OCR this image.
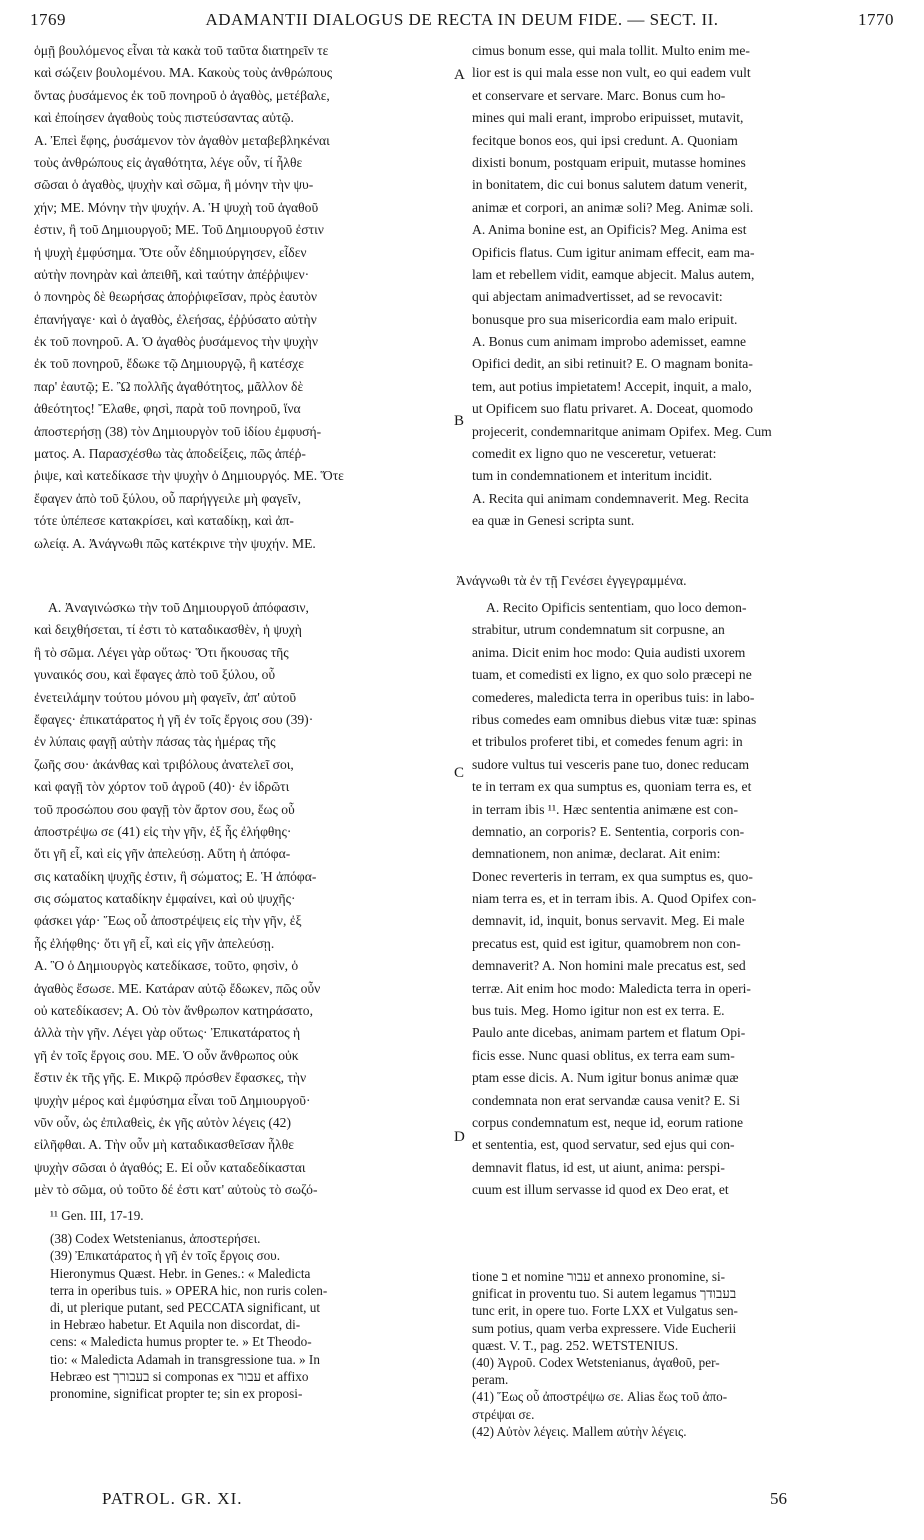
1769	ADAMANTII DIALOGUS DE RECTA IN DEUM FIDE. — SECT. II.	1770
ὁμῇ βουλόμενος εἶναι τὰ κακὰ τοῦ ταῦτα διατηρεῖν τε
καὶ σώζειν βουλομένου. ΜΑ. Κακοὺς τοὺς ἀνθρώπους
ὄντας ῥυσάμενος ἐκ τοῦ πονηροῦ ὁ ἀγαθὸς, μετέβαλε,
καὶ ἐποίησεν ἀγαθοὺς τοὺς πιστεύσαντας αὐτῷ.
Α. Ἐπεὶ ἔφης, ῥυσάμενον τὸν ἀγαθὸν μεταβεβληκέναι
τοὺς ἀνθρώπους εἰς ἀγαθότητα, λέγε οὖν, τί ἦλθε
σῶσαι ὁ ἀγαθὸς, ψυχὴν καὶ σῶμα, ἢ μόνην τὴν ψυ-
χήν; ΜΕ. Μόνην τὴν ψυχήν. Α. Ἡ ψυχὴ τοῦ ἀγαθοῦ
ἐστιν, ἢ τοῦ Δημιουργοῦ; ΜΕ. Τοῦ Δημιουργοῦ ἐστιν
ἡ ψυχὴ ἐμφύσημα. Ὅτε οὖν ἐδημιούργησεν, εἶδεν
αὐτὴν πονηρὰν καὶ ἀπειθῆ, καὶ ταύτην ἀπέῤῥιψεν·
ὁ πονηρὸς δὲ θεωρήσας ἀποῤῥιφεῖσαν, πρὸς ἑαυτὸν
ἐπανήγαγε· καὶ ὁ ἀγαθὸς, ἐλεήσας, ἐῤῥύσατο αὐτὴν
ἐκ τοῦ πονηροῦ. Α. Ὁ ἀγαθὸς ῥυσάμενος τὴν ψυχὴν
ἐκ τοῦ πονηροῦ, ἔδωκε τῷ Δημιουργῷ, ἢ κατέσχε
παρ' ἑαυτῷ; Ε. Ὢ πολλῆς ἀγαθότητος, μᾶλλον δὲ
ἀθεότητος! Ἔλαθε, φησὶ, παρὰ τοῦ πονηροῦ, ἵνα
ἀποστερήσῃ (38) τὸν Δημιουργὸν τοῦ ἰδίου ἐμφυσή-
ματος. Α. Παρασχέσθω τὰς ἀποδείξεις, πῶς ἀπέῤ-
ῥιψε, καὶ κατεδίκασε τὴν ψυχὴν ὁ Δημιουργός. ΜΕ. Ὅτε
ἔφαγεν ἀπὸ τοῦ ξύλου, οὗ παρήγγειλε μὴ φαγεῖν,
τότε ὑπέπεσε κατακρίσει, καὶ καταδίκῃ, καὶ ἀπ-
ωλείᾳ. Α. Ἀνάγνωθι πῶς κατέκρινε τὴν ψυχήν. ΜΕ.
cimus bonum esse, qui mala tollit. Multo enim me-
lior est is qui mala esse non vult, eo qui eadem vult
et conservare et servare. Marc. Bonus cum ho-
mines qui mali erant, improbo eripuisset, mutavit,
fecitque bonos eos, qui ipsi credunt. A. Quoniam
dixisti bonum, postquam eripuit, mutasse homines
in bonitatem, dic cui bonus salutem datum venerit,
animæ et corpori, an animæ soli? Meg. Animæ soli.
A. Anima bonine est, an Opificis? Meg. Anima est
Opificis flatus. Cum igitur animam effecit, eam ma-
lam et rebellem vidit, eamque abjecit. Malus autem,
qui abjectam animadvertisset, ad se revocavit:
bonusque pro sua misericordia eam malo eripuit.
A. Bonus cum animam improbo ademisset, eamne
Opifici dedit, an sibi retinuit? E. O magnam bonita-
tem, aut potius impietatem! Accepit, inquit, a malo,
ut Opificem suo flatu privaret. A. Doceat, quomodo
projecerit, condemnaritque animam Opifex. Meg. Cum
comedit ex ligno quo ne vesceretur, vetuerat:
tum in condemnationem et interitum incidit.
A. Recita qui animam condemnaverit. Meg. Recita
ea quæ in Genesi scripta sunt.
Ἀνάγνωθι τὰ ἐν τῇ Γενέσει ἐγγεγραμμένα.
Α. Ἀναγινώσκω τὴν τοῦ Δημιουργοῦ ἀπόφασιν,
καὶ δειχθήσεται, τί ἐστι τὸ καταδικασθὲν, ἡ ψυχὴ
ἢ τὸ σῶμα. Λέγει γὰρ οὕτως· Ὅτι ἤκουσας τῆς
γυναικός σου, καὶ ἔφαγες ἀπὸ τοῦ ξύλου, οὗ
ἐνετειλάμην τούτου μόνου μὴ φαγεῖν, ἀπ' αὐτοῦ
ἔφαγες· ἐπικατάρατος ἡ γῆ ἐν τοῖς ἔργοις σου (39)·
ἐν λύπαις φαγῇ αὐτὴν πάσας τὰς ἡμέρας τῆς
ζωῆς σου· ἀκάνθας καὶ τριβόλους ἀνατελεῖ σοι,
καὶ φαγῇ τὸν χόρτον τοῦ ἀγροῦ (40)· ἐν ἱδρῶτι
τοῦ προσώπου σου φαγῇ τὸν ἄρτον σου, ἕως οὗ
ἀποστρέψω σε (41) εἰς τὴν γῆν, ἐξ ἧς ἐλήφθης·
ὅτι γῆ εἶ, καὶ εἰς γῆν ἀπελεύσῃ. Αὕτη ἡ ἀπόφα-
σις καταδίκη ψυχῆς ἐστιν, ἢ σώματος; Ε. Ἡ ἀπόφα-
σις σώματος καταδίκην ἐμφαίνει, καὶ οὐ ψυχῆς·
φάσκει γάρ· Ἕως οὗ ἀποστρέψεις εἰς τὴν γῆν, ἐξ
ἧς ἐλήφθης· ὅτι γῆ εἶ, καὶ εἰς γῆν ἀπελεύσῃ.
Α. Ὃ ὁ Δημιουργὸς κατεδίκασε, τοῦτο, φησὶν, ὁ
ἀγαθὸς ἔσωσε. ΜΕ. Κατάραν αὐτῷ ἔδωκεν, πῶς οὖν
οὐ κατεδίκασεν; Α. Οὐ τὸν ἄνθρωπον κατηράσατο,
ἀλλὰ τὴν γῆν. Λέγει γὰρ οὕτως· Ἐπικατάρατος ἡ
γῆ ἐν τοῖς ἔργοις σου. ΜΕ. Ὁ οὖν ἄνθρωπος οὐκ
ἔστιν ἐκ τῆς γῆς. Ε. Μικρῷ πρόσθεν ἔφασκες, τὴν
ψυχὴν μέρος καὶ ἐμφύσημα εἶναι τοῦ Δημιουργοῦ·
νῦν οὖν, ὡς ἐπιλαθεὶς, ἐκ γῆς αὐτὸν λέγεις (42)
εἰλῆφθαι. Α. Τὴν οὖν μὴ καταδικασθεῖσαν ἦλθε
ψυχὴν σῶσαι ὁ ἀγαθός; Ε. Εἰ οὖν καταδεδίκασται
μὲν τὸ σῶμα, οὐ τοῦτο δέ ἐστι κατ' αὐτοὺς τὸ σωζό-
A. Recito Opificis sententiam, quo loco demon-
strabitur, utrum condemnatum sit corpusne, an
anima. Dicit enim hoc modo: Quia audisti uxorem
tuam, et comedisti ex ligno, ex quo solo præcepi ne
comederes, maledicta terra in operibus tuis: in labo-
ribus comedes eam omnibus diebus vitæ tuæ: spinas
et tribulos proferet tibi, et comedes fenum agri: in
sudore vultus tui vesceris pane tuo, donec reducam
te in terram ex qua sumptus es, quoniam terra es, et
in terram ibis ¹¹. Hæc sententia animæne est con-
demnatio, an corporis? E. Sententia, corporis con-
demnationem, non animæ, declarat. Ait enim:
Donec reverteris in terram, ex qua sumptus es, quo-
niam terra es, et in terram ibis. A. Quod Opifex con-
demnavit, id, inquit, bonus servavit. Meg. Ei male
precatus est, quid est igitur, quamobrem non con-
demnaverit? A. Non homini male precatus est, sed
terræ. Ait enim hoc modo: Maledicta terra in operi-
bus tuis. Meg. Homo igitur non est ex terra. E.
Paulo ante dicebas, animam partem et flatum Opi-
ficis esse. Nunc quasi oblitus, ex terra eam sum-
ptam esse dicis. A. Num igitur bonus animæ quæ
condemnata non erat servandæ causa venit? E. Si
corpus condemnatum est, neque id, eorum ratione
et sententia, est, quod servatur, sed ejus qui con-
demnavit flatus, id est, ut aiunt, anima: perspi-
cuum est illum servasse id quod ex Deo erat, et
A
B
C
D
¹¹ Gen. III, 17-19.
(38) Codex Wetstenianus, ἀποστερήσει.
(39) Ἐπικατάρατος ἡ γῆ ἐν τοῖς ἔργοις σου.
Hieronymus Quæst. Hebr. in Genes.: « Maledicta
terra in operibus tuis. » OPERA hic, non ruris colen-
di, ut plerique putant, sed PECCATA significant, ut
in Hebræo habetur. Et Aquila non discordat, di-
cens: « Maledicta humus propter te. » Et Theodo-
tio: « Maledicta Adamah in transgressione tua. » In
Hebræo est בעבורך si componas ex עבור et affixo
pronomine, significat propter te; sin ex proposi-
tione ב et nomine עבור et annexo pronomine, si-
gnificat in proventu tuo. Si autem legamus בעבודך
tunc erit, in opere tuo. Forte LXX et Vulgatus sen-
sum potius, quam verba expressere. Vide Eucherii
quæst. V. T., pag. 252. WETSTENIUS.
(40) Ἀγροῦ. Codex Wetstenianus, ἀγαθοῦ, per-
peram.
(41) Ἕως οὗ ἀποστρέψω σε. Alias ἕως τοῦ ἀπο-
στρέψαι σε.
(42) Αὐτὸν λέγεις. Mallem αὐτὴν λέγεις.
PATROL. GR. XI.	56
